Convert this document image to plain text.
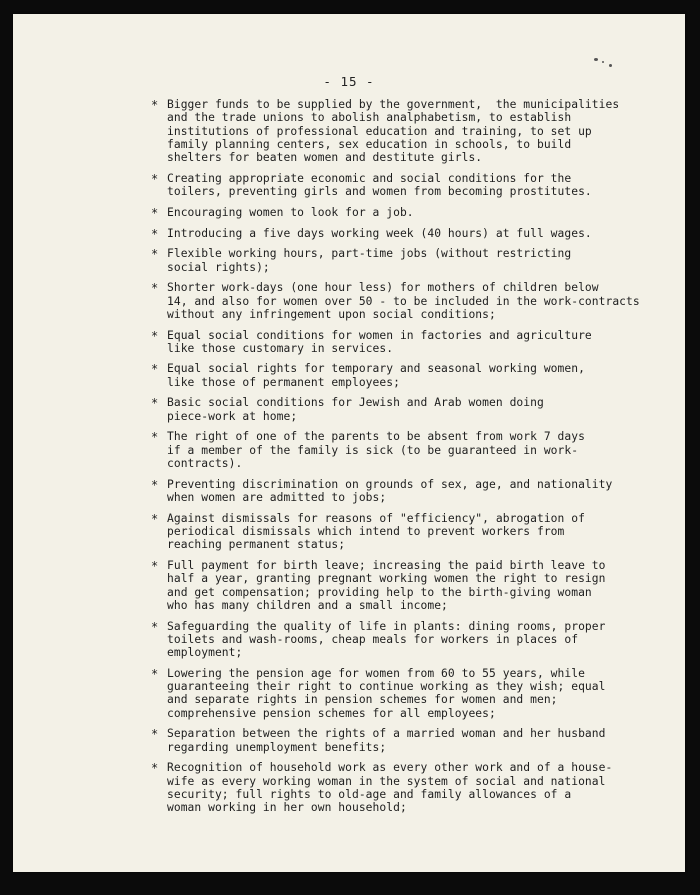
- 15 -
* Bigger funds to be supplied by the government,  the municipalities
and the trade unions to abolish analphabetism, to establish
institutions of professional education and training, to set up
family planning centers, sex education in schools, to build
shelters for beaten women and destitute girls.
* Creating appropriate economic and social conditions for the
toilers, preventing girls and women from becoming prostitutes.
* Encouraging women to look for a job.
* Introducing a five days working week (40 hours) at full wages.
* Flexible working hours, part-time jobs (without restricting
social rights);
* Shorter work-days (one hour less) for mothers of children below
14, and also for women over 50 - to be included in the work-contracts
without any infringement upon social conditions;
* Equal social conditions for women in factories and agriculture
like those customary in services.
* Equal social rights for temporary and seasonal working women,
like those of permanent employees;
* Basic social conditions for Jewish and Arab women doing
piece-work at home;
* The right of one of the parents to be absent from work 7 days
if a member of the family is sick (to be guaranteed in work-
contracts).
* Preventing discrimination on grounds of sex, age, and nationality
when women are admitted to jobs;
* Against dismissals for reasons of "efficiency", abrogation of
periodical dismissals which intend to prevent workers from
reaching permanent status;
* Full payment for birth leave; increasing the paid birth leave to
half a year, granting pregnant working women the right to resign
and get compensation; providing help to the birth-giving woman
who has many children and a small income;
* Safeguarding the quality of life in plants: dining rooms, proper
toilets and wash-rooms, cheap meals for workers in places of
employment;
* Lowering the pension age for women from 60 to 55 years, while
guaranteeing their right to continue working as they wish; equal
and separate rights in pension schemes for women and men;
comprehensive pension schemes for all employees;
* Separation between the rights of a married woman and her husband
regarding unemployment benefits;
* Recognition of household work as every other work and of a house-
wife as every working woman in the system of social and national
security; full rights to old-age and family allowances of a
woman working in her own household;
